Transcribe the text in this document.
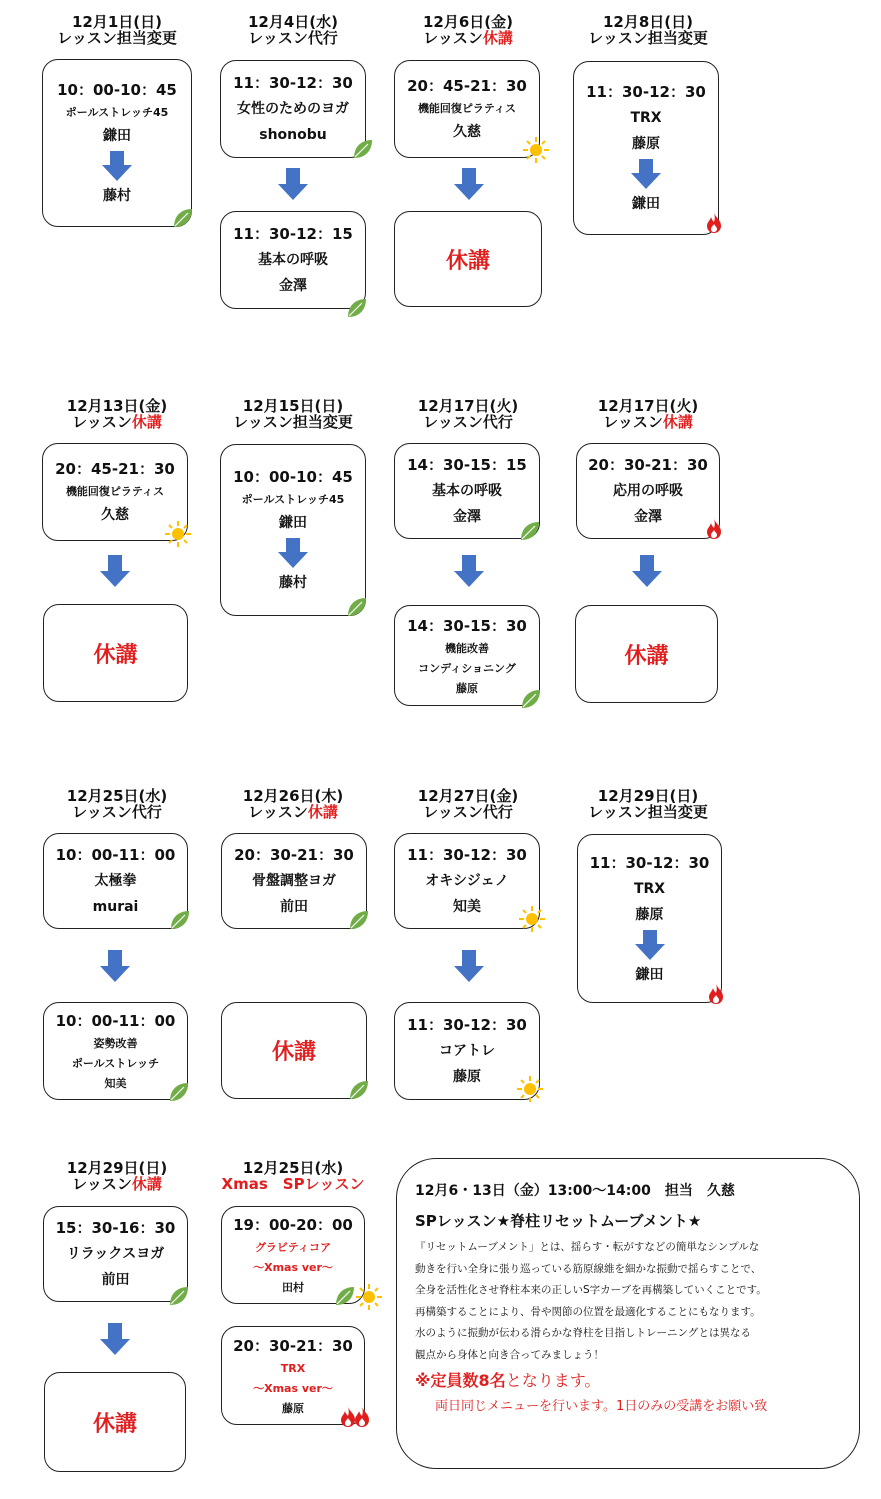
12月1日(日)
レッスン担当変更
10：00-10：45
ポールストレッチ45
鎌田
藤村
12月4日(水)
レッスン代行
11：30-12：30
女性のためのヨガ
shonobu
11：30-12：15
基本の呼吸
金澤
12月6日(金)
レッスン休講
20：45-21：30
機能回復ピラティス
久慈
休講
12月8日(日)
レッスン担当変更
11：30-12：30
TRX
藤原
鎌田
12月13日(金)
レッスン休講
20：45-21：30
機能回復ピラティス
久慈
休講
12月15日(日)
レッスン担当変更
10：00-10：45
ポールストレッチ45
鎌田
藤村
12月17日(火)
レッスン代行
14：30-15：15
基本の呼吸
金澤
14：30-15：30
機能改善
コンディショニング
藤原
12月17日(火)
レッスン休講
20：30-21：30
応用の呼吸
金澤
休講
12月25日(水)
レッスン代行
10：00-11：00
太極拳
murai
10：00-11：00
姿勢改善
ポールストレッチ
知美
12月26日(木)
レッスン休講
20：30-21：30
骨盤調整ヨガ
前田
休講
12月27日(金)
レッスン代行
11：30-12：30
オキシジェノ
知美
11：30-12：30
コアトレ
藤原
12月29日(日)
レッスン担当変更
11：30-12：30
TRX
藤原
鎌田
12月29日(日)
レッスン休講
15：30-16：30
リラックスヨガ
前田
休講
12月25日(水)
Xmas　SPレッスン
19：00-20：00
グラビティコア
～Xmas ver～
田村
20：30-21：30
TRX
～Xmas ver～
藤原
12月6・13日（金）13:00～14:00　担当　久慈
SPレッスン★脊柱リセットムーブメント★
『リセットムーブメント」とは、揺らす・転がすなどの簡単なシンプルな
動きを行い全身に張り巡っている筋原線維を細かな振動で揺らすことで、
全身を活性化させ脊柱本来の正しいS字カーブを再構築していくことです。
再構築することにより、骨や関節の位置を最適化することにもなります。
水のように振動が伝わる滑らかな脊柱を目指しトレーニングとは異なる
観点から身体と向き合ってみましょう！
※定員数8名となります。
両日同じメニューを行います。1日のみの受講をお願い致
